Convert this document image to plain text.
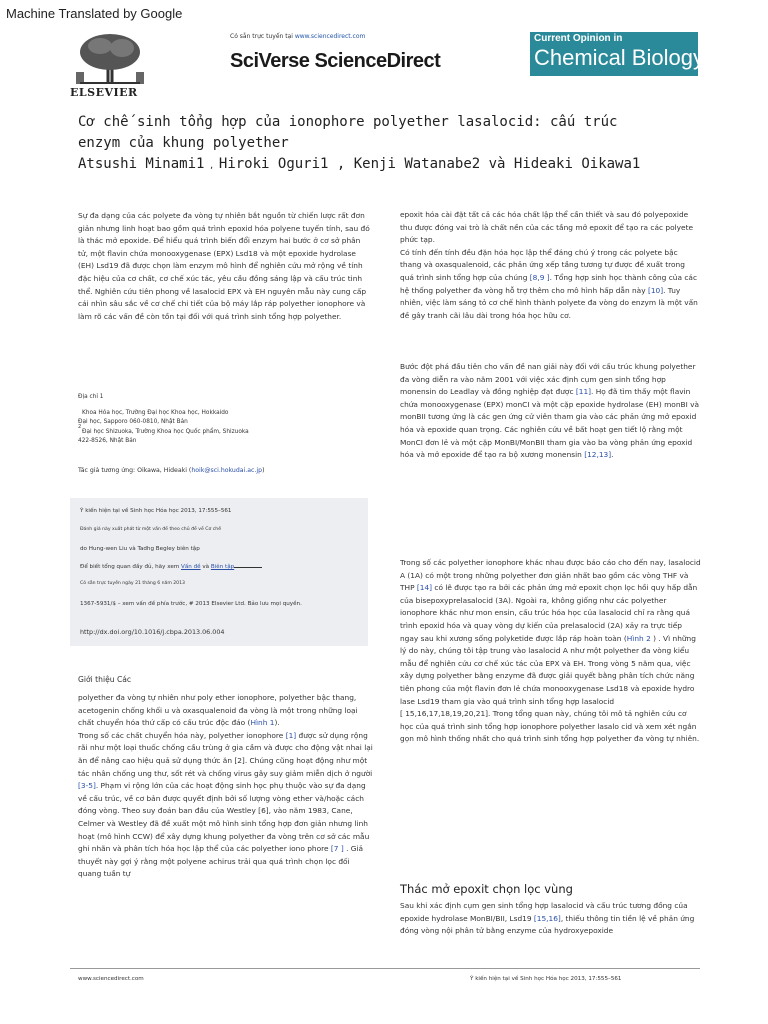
Machine Translated by Google
ELSEVIER
Có sẵn trực tuyến tại www.sciencedirect.com
SciVerse ScienceDirect
Current Opinion in
Chemical Biology
Cơ chế sinh tổng hợp của ionophore polyether lasalocid: cấu trúc enzym của khung polyether
Atsushi Minami1 , Hiroki Oguri1 , Kenji Watanabe2 và Hideaki Oikawa1

Sự đa dạng của các polyete đa vòng tự nhiên bắt nguồn từ chiến lược rất đơn giản nhưng linh hoạt bao gồm quá trình epoxid hóa polyene tuyến tính, sau đó là thác mở epoxide. Để hiểu quá trình biến đổi enzym hai bước ở cơ sở phân tử, một flavin chứa monooxygenase (EPX) Lsd18 và một epoxide hydrolase (EH) Lsd19 đã được chọn làm enzym mô hình để nghiên cứu mở rộng về tính đặc hiệu của cơ chất, cơ chế xúc tác, yêu cầu đồng sáng lập và cấu trúc tinh thể. Nghiên cứu tiên phong về lasalocid EPX và EH nguyên mẫu này cung cấp cái nhìn sâu sắc về cơ chế chi tiết của bộ máy lắp ráp polyether ionophore và làm rõ các vấn đề còn tồn tại đối với quá trình sinh tổng hợp polyether.

Địa chỉ 1
Khoa Hóa học, Trường Đại học Khoa học, Hokkaido
Đại học, Sapporo 060-0810, Nhật Bản
2
Đại học Shizuoka, Trường Khoa học Quốc phẩm, Shizuoka
422-8526, Nhật Bản
Tác giả tương ứng: Oikawa, Hideaki (hoik@sci.hokudai.ac.jp)
Ý kiến hiện tại về Sinh học Hóa học 2013, 17:555–561
Đánh giá này xuất phát từ một vấn đề theo chủ đề về Cơ chế
do Hung-wen Liu và Tadhg Begley biên tập
Để biết tổng quan đầy đủ, hãy xem Vấn đề và Biên tập
Có sẵn trực tuyến ngày 21 tháng 6 năm 2013
1367-5931/$ – xem vấn đề phía trước, # 2013 Elsevier Ltd. Bảo lưu mọi quyền.
http://dx.doi.org/10.1016/j.cbpa.2013.06.004
Giới thiệu Các

polyether đa vòng tự nhiên như poly ether ionophore, polyether bậc thang, acetogenin chống khối u và oxasqualenoid đa vòng là một trong những loại chất chuyển hóa thứ cấp có cấu trúc độc đáo (Hình 1).

Trong số các chất chuyển hóa này, polyether ionophore [1] được sử dụng rộng rãi như một loại thuốc chống cầu trùng ở gia cầm và được cho động vật nhai lại ăn để nâng cao hiệu quả sử dụng thức ăn [2]. Chúng cũng hoạt động như một tác nhân chống ung thư, sốt rét và chống virus gây suy giảm miễn dịch ở người [3-5]. Phạm vi rộng lớn của các hoạt động sinh học phụ thuộc vào sự đa dạng về cấu trúc, về cơ bản được quyết định bởi số lượng vòng ether và/hoặc cách đóng vòng. Theo suy đoán ban đầu của Westley [6], vào năm 1983, Cane, Celmer và Westley đã đề xuất một mô hình sinh tổng hợp đơn giản nhưng linh hoạt (mô hình CCW) để xây dựng khung polyether đa vòng trên cơ sở các mẫu ghi nhãn và phân tích hóa học lập thể của các polyether iono phore [7 ] . Giả thuyết này gợi ý rằng một polyene achirus trải qua quá trình chọn lọc đối quang tuần tự

epoxit hóa cài đặt tất cả các hóa chất lập thể cần thiết và sau đó polyepoxide thu được đóng vai trò là chất nền của các tầng mở epoxit để tạo ra các polyete phức tạp.

Có tính đến tính đều đặn hóa học lập thể đáng chú ý trong các polyete bậc thang và oxasqualenoid, các phản ứng xếp tầng tương tự được đề xuất trong quá trình sinh tổng hợp của chúng [8,9 ]. Tổng hợp sinh học thành công của các hệ thống polyether đa vòng hỗ trợ thêm cho mô hình hấp dẫn này [10]. Tuy nhiên, việc làm sáng tỏ cơ chế hình thành polyete đa vòng do enzym là một vấn đề gây tranh cãi lâu dài trong hóa học hữu cơ.

Bước đột phá đầu tiên cho vấn đề nan giải này đối với cấu trúc khung polyether đa vòng diễn ra vào năm 2001 với việc xác định cụm gen sinh tổng hợp monensin do Leadlay và đồng nghiệp đạt được [11]. Họ đã tìm thấy một flavin chứa monooxygenase (EPX) monCI và một cặp epoxide hydrolase (EH) monBI và monBII tương ứng là các gen ứng cử viên tham gia vào các phản ứng mở epoxid hóa và epoxide quan trọng. Các nghiên cứu về bất hoạt gen tiết lộ rằng một MonCI đơn lẻ và một cặp MonBI/MonBII tham gia vào ba vòng phản ứng epoxid hóa và mở epoxide để tạo ra bộ xương monensin [12,13].

Trong số các polyether ionophore khác nhau được báo cáo cho đến nay, lasalocid A (1A) có một trong những polyether đơn giản nhất bao gồm các vòng THF và THP [14] có lẽ được tạo ra bởi các phản ứng mở epoxit chọn lọc hồi quy hấp dẫn của bisepoxyprelasalocid (3A). Ngoài ra, không giống như các polyether ionophore khác như mon ensin, cấu trúc hóa học của lasalocid chỉ ra rằng quá trình epoxid hóa và quay vòng dự kiến của prelasalocid (2A) xảy ra trực tiếp ngay sau khi xương sống polyketide được lắp ráp hoàn toàn (Hình 2 ) . Vì những lý do này, chúng tôi tập trung vào lasalocid A như một polyether đa vòng kiểu mẫu để nghiên cứu cơ chế xúc tác của EPX và EH. Trong vòng 5 năm qua, việc xây dựng polyether bằng enzyme đã được giải quyết bằng phân tích chức năng tiên phong của một flavin đơn lẻ chứa monooxygenase Lsd18 và epoxide hydro lase Lsd19 tham gia vào quá trình sinh tổng hợp lasalocid
[ 15,16,17,18,19,20,21]. Trong tổng quan này, chúng tôi mô tả nghiên cứu cơ học của quá trình sinh tổng hợp ionophore polyether lasalo cid và xem xét ngắn gọn mô hình thống nhất cho quá trình sinh tổng hợp polyether đa vòng tự nhiên.

Thác mở epoxit chọn lọc vùng

Sau khi xác định cụm gen sinh tổng hợp lasalocid và cấu trúc tương đồng của epoxide hydrolase MonBI/BII, Lsd19 [15,16], thiếu thông tin tiền lệ về phản ứng đóng vòng nội phân tử bằng enzyme của hydroxyepoxide

www.sciencedirect.com	Ý kiến hiện tại về Sinh học Hóa học 2013, 17:555–561
